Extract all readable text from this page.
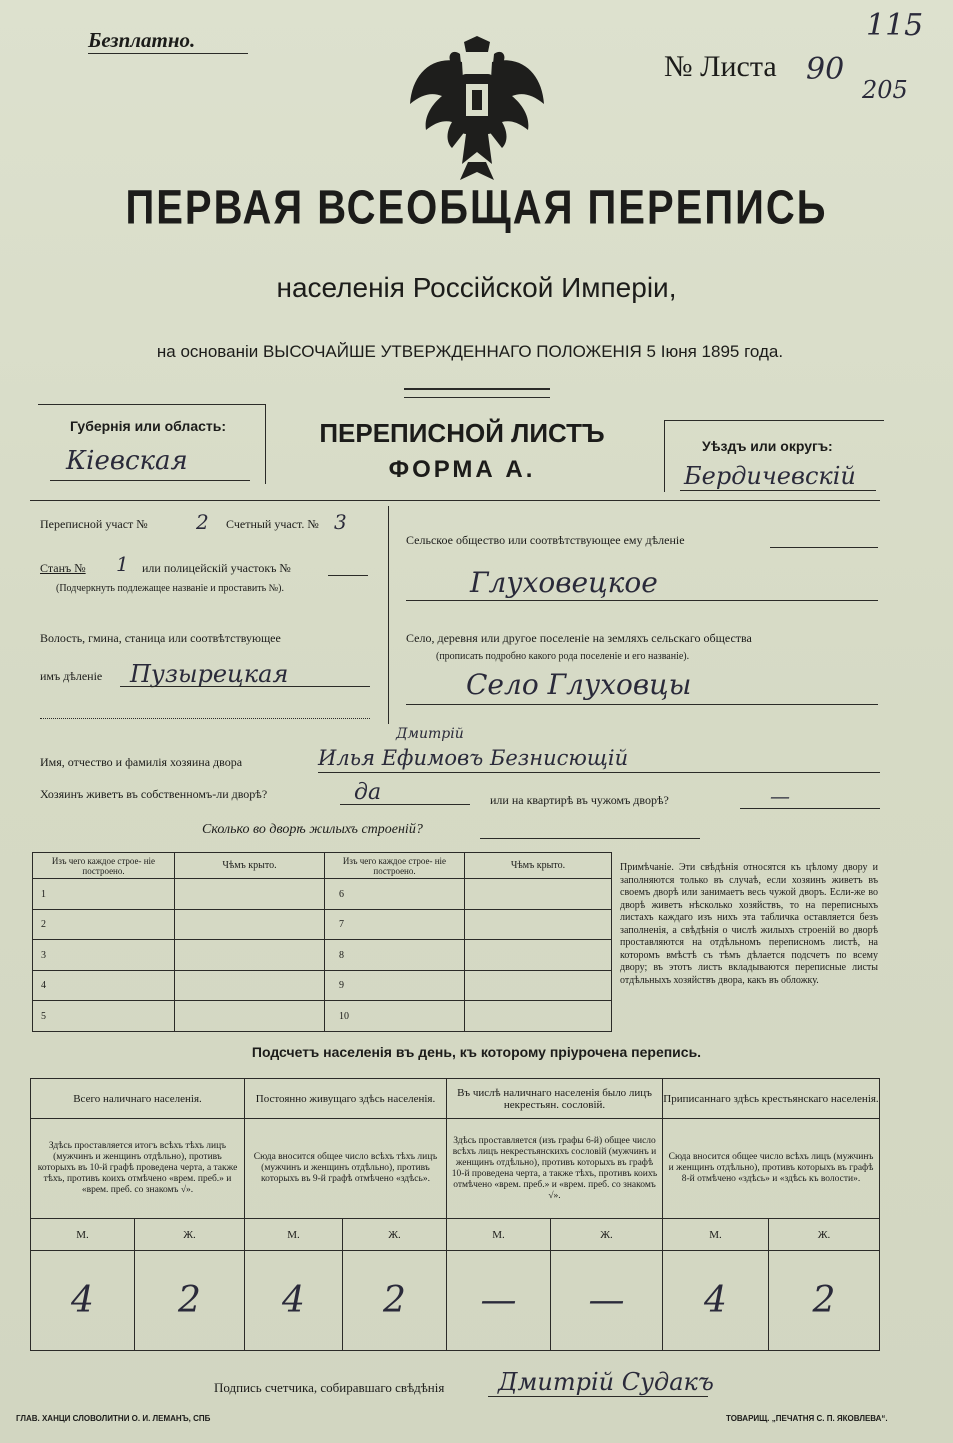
Безплатно.
№ Листа 90
115
205
ПЕРВАЯ ВСЕОБЩАЯ ПЕРЕПИСЬ
населенія Россійской Имперіи,
на основаніи ВЫСОЧАЙШЕ УТВЕРЖДЕННАГО ПОЛОЖЕНІЯ 5 Іюня 1895 года.
Губернія или область:
Кіевская
ПЕРЕПИСНОЙ ЛИСТЪ
ФОРМА А.
Уѣздъ или округъ:
Бердичевскій
Переписной участ № 2 Счетный участ. № 3
Станъ № 1 или полицейскій участокъ №
(Подчеркнуть подлежащее названіе и проставить №).
Волость, гмина, станица или соотвѣтствующее
имъ дѣленіе Пузырецкая
Сельское общество или соотвѣтствующее ему дѣленіе
Глуховецкое
Село, деревня или другое поселеніе на земляхъ сельскаго общества
(прописать подробно какого рода поселеніе и его названіе).
Село Глуховцы
Имя, отчество и фамилія хозяина двора	Илья Ефимовъ Безнисющій
Дмитрій
Хозяинъ живетъ въ собственномъ-ли дворѣ?	да	или на квартирѣ въ чужомъ дворѣ?	—
Сколько во дворѣ жилыхъ строеній?
Изъ чего каждое строе- ніе построено.	Чѣмъ крыто.	Изъ чего каждое строе- ніе построено.	Чѣмъ крыто.
1		6	
2		7	
3		8	
4		9	
5		10	
Примѣчаніе. Эти свѣдѣнія относятся къ цѣлому двору и заполняются только въ случаѣ, если хозяинъ живетъ въ своемъ дворѣ или занимаетъ весь чужой дворъ. Если-же во дворѣ живетъ нѣсколько хозяйствъ, то на переписныхъ листахъ каждаго изъ нихъ эта табличка оставляется безъ заполненія, а свѣдѣнія о числѣ жилыхъ строеній во дворѣ проставляются на отдѣльномъ переписномъ листѣ, на которомъ вмѣстѣ съ тѣмъ дѣлается подсчетъ по всему двору; въ этотъ листъ вкладываются переписные листы отдѣльныхъ хозяйствъ двора, какъ въ обложку.
Подсчетъ населенія въ день, къ которому пріурочена перепись.
Всего наличнаго населенія.		Постоянно живущаго здѣсь населенія.		Въ числѣ наличнаго населенія было лицъ некрестьян. сословій.		Приписаннаго здѣсь крестьянскаго населенія.	
Здѣсь проставляется итогъ всѣхъ тѣхъ лицъ (мужчинъ и женщинъ отдѣльно), противъ которыхъ въ 10-й графѣ проведена черта, а также тѣхъ, противъ коихъ отмѣчено «врем. преб.» и «врем. преб. со знакомъ √».		Сюда вносится общее число всѣхъ тѣхъ лицъ (мужчинъ и женщинъ отдѣльно), противъ которыхъ въ 9-й графѣ отмѣчено «здѣсь».		Здѣсь проставляется (изъ графы 6-й) общее число всѣхъ лицъ некрестьянскихъ сословій (мужчинъ и женщинъ отдѣльно), противъ которыхъ въ графѣ 10-й проведена черта, а также тѣхъ, противъ коихъ отмѣчено «врем. преб.» и «врем. преб. со знакомъ √».		Сюда вносится общее число всѣхъ лицъ (мужчинъ и женщинъ отдѣльно), противъ которыхъ въ графѣ 8-й отмѣчено «здѣсь» и «здѣсь къ волости».	
М.	Ж.	М.	Ж.	М.	Ж.	М.	Ж.
4	2	4	2	—	—	4	2
Подпись счетчика, собиравшаго свѣдѣнія Дмитрій Судакъ
ГЛАВ. ХАНЦИ СЛОВОЛИТНИ О. И. ЛЕМАНЪ, СПБ	ТОВАРИЩ. „ПЕЧАТНЯ С. П. ЯКОВЛЕВА“.
